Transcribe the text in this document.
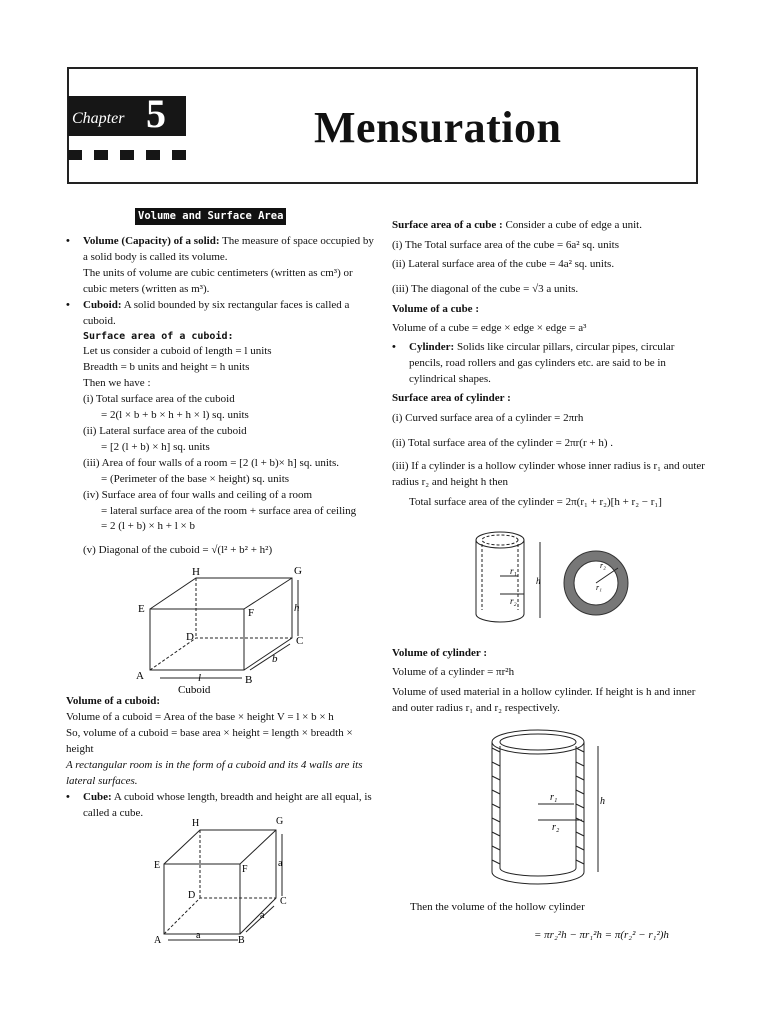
Chapter 5	Mensuration
Volume and Surface Area

• Volume (Capacity) of a solid: The measure of space occupied by a solid body is called its volume.

The units of volume are cubic centimeters (written as cm³) or cubic meters (written as m³).

• Cuboid: A solid bounded by six rectangular faces is called a cuboid.

Surface area of a cuboid:

Let us consider a cuboid of length = l units

Breadth = b units and height = h units

Then we have :

(i) Total surface area of the cuboid

= 2(l × b + b × h + h × l) sq. units

(ii) Lateral surface area of the cuboid

= [2 (l + b) × h] sq. units

(iii) Area of four walls of a room = [2 (l + b)× h] sq. units.

= (Perimeter of the base × height) sq. units

(iv) Surface area of four walls and ceiling of a room

= lateral surface area of the room + surface area of ceiling

= 2 (l + b) × h + l × b

(v) Diagonal of the cuboid = √(l² + b² + h²)

H	G
E	F
D	C
A	B
h
b
l
Cuboid

Volume of a cuboid:

Volume of a cuboid = Area of the base × height V = l × b × h

So, volume of a cuboid = base area × height = length × breadth × height

A rectangular room is in the form of a cuboid and its 4 walls are its lateral surfaces.

• Cube: A cuboid whose length, breadth and height are all equal, is called a cube.

H	G
E	F
D
C
A	B
a
a
a

Surface area of a cube : Consider a cube of edge a unit.

(i) The Total surface area of the cube = 6a² sq. units

(ii) Lateral surface area of the cube = 4a² sq. units.

(iii) The diagonal of the cube = √3 a units.

Volume of a cube :

Volume of a cube = edge × edge × edge = a³

• Cylinder: Solids like circular pillars, circular pipes, circular pencils, road rollers and gas cylinders etc. are said to be in cylindrical shapes.

Surface area of cylinder :

(i) Curved surface area of a cylinder = 2πrh

(ii) Total surface area of the cylinder = 2πr(r + h) .

(iii) If a cylinder is a hollow cylinder whose inner radius is r₁ and outer radius r₂ and height h then

Total surface area of the cylinder = 2π(r₁ + r₂)[h + r₂ − r₁]

r₁
r₂
h
r₂
r₁

Volume of cylinder :

Volume of a cylinder = πr²h

Volume of used material in a hollow cylinder. If height is h and inner and outer radius r₁ and r₂ respectively.

r₁
r₂
h

Then the volume of the hollow cylinder

= πr₂²h − πr₁²h = π(r₂² − r₁²)h
